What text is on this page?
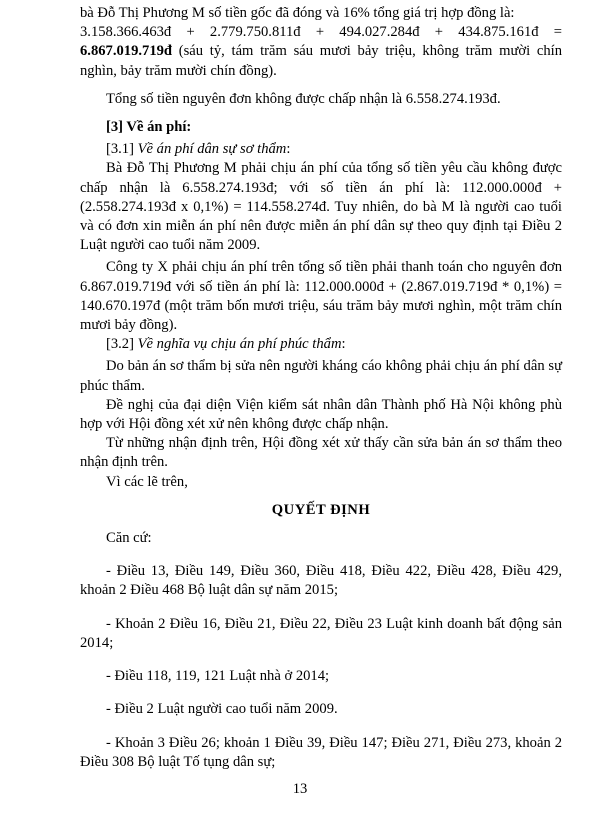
bà Đỗ Thị Phương M số tiền gốc đã đóng và 16% tổng giá trị hợp đồng là:

3.158.366.463đ + 2.779.750.811đ + 494.027.284đ + 434.875.161đ =

6.867.019.719đ (sáu tỷ, tám trăm sáu mươi bảy triệu, không trăm mười chín nghìn, bảy trăm mười chín đồng).

Tổng số tiền nguyên đơn không được chấp nhận là 6.558.274.193đ.

[3] Về án phí:

[3.1] Về án phí dân sự sơ thẩm:

Bà Đỗ Thị Phương M phải chịu án phí của tổng số tiền yêu cầu không được chấp nhận là 6.558.274.193đ; với số tiền án phí là: 112.000.000đ + (2.558.274.193đ x 0,1%) = 114.558.274đ. Tuy nhiên, do bà M là người cao tuổi và có đơn xin miễn án phí nên được miễn án phí dân sự theo quy định tại Điều 2 Luật người cao tuổi năm 2009.

Công ty X phải chịu án phí trên tổng số tiền phải thanh toán cho nguyên đơn 6.867.019.719đ với số tiền án phí là: 112.000.000đ + (2.867.019.719đ * 0,1%) = 140.670.197đ (một trăm bốn mươi triệu, sáu trăm bảy mươi nghìn, một trăm chín mươi bảy đồng).

[3.2] Về nghĩa vụ chịu án phí phúc thẩm:

Do bản án sơ thẩm bị sửa nên người kháng cáo không phải chịu án phí dân sự phúc thẩm.

Đề nghị của đại diện Viện kiểm sát nhân dân Thành phố Hà Nội không phù hợp với Hội đồng xét xử nên không được chấp nhận.

Từ những nhận định trên, Hội đồng xét xử thấy cần sửa bản án sơ thẩm theo nhận định trên.

Vì các lẽ trên,

QUYẾT ĐỊNH

Căn cứ:

- Điều 13, Điều 149, Điều 360, Điều 418, Điều 422, Điều 428, Điều 429, khoản 2 Điều 468 Bộ luật dân sự năm 2015;

- Khoản 2 Điều 16, Điều 21, Điều 22, Điều 23 Luật kinh doanh bất động sản 2014;

- Điều 118, 119, 121 Luật nhà ở 2014;

- Điều 2 Luật người cao tuổi năm 2009.

- Khoản 3 Điều 26; khoản 1 Điều 39, Điều 147; Điều 271, Điều 273, khoản 2 Điều 308 Bộ luật Tố tụng dân sự;

13
